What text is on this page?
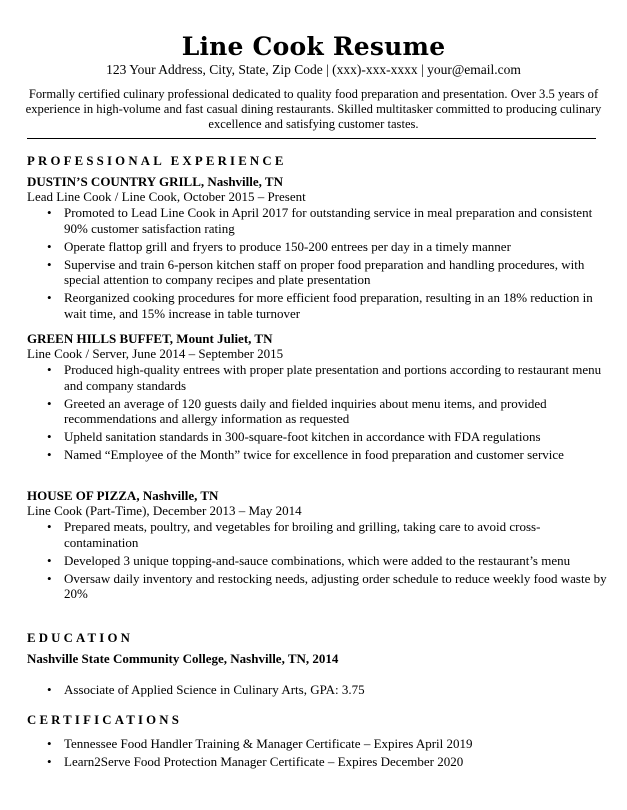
Line Cook Resume
123 Your Address, City, State, Zip Code | (xxx)-xxx-xxxx | your@email.com
Formally certified culinary professional dedicated to quality food preparation and presentation. Over 3.5 years of experience in high-volume and fast casual dining restaurants. Skilled multitasker committed to producing culinary excellence and satisfying customer tastes.
PROFESSIONAL EXPERIENCE
DUSTIN’S COUNTRY GRILL, Nashville, TN
Lead Line Cook / Line Cook, October 2015 – Present
• Promoted to Lead Line Cook in April 2017 for outstanding service in meal preparation and consistent 90% customer satisfaction rating
• Operate flattop grill and fryers to produce 150-200 entrees per day in a timely manner
• Supervise and train 6-person kitchen staff on proper food preparation and handling procedures, with special attention to company recipes and plate presentation
• Reorganized cooking procedures for more efficient food preparation, resulting in an 18% reduction in wait time, and 15% increase in table turnover
GREEN HILLS BUFFET, Mount Juliet, TN
Line Cook / Server, June 2014 – September 2015
• Produced high-quality entrees with proper plate presentation and portions according to restaurant menu and company standards
• Greeted an average of 120 guests daily and fielded inquiries about menu items, and provided recommendations and allergy information as requested
• Upheld sanitation standards in 300-square-foot kitchen in accordance with FDA regulations
• Named “Employee of the Month” twice for excellence in food preparation and customer service
HOUSE OF PIZZA, Nashville, TN
Line Cook (Part-Time), December 2013 – May 2014
• Prepared meats, poultry, and vegetables for broiling and grilling, taking care to avoid cross-contamination
• Developed 3 unique topping-and-sauce combinations, which were added to the restaurant’s menu
• Oversaw daily inventory and restocking needs, adjusting order schedule to reduce weekly food waste by 20%
EDUCATION
Nashville State Community College, Nashville, TN, 2014
• Associate of Applied Science in Culinary Arts, GPA: 3.75
CERTIFICATIONS
• Tennessee Food Handler Training & Manager Certificate – Expires April 2019
• Learn2Serve Food Protection Manager Certificate – Expires December 2020
